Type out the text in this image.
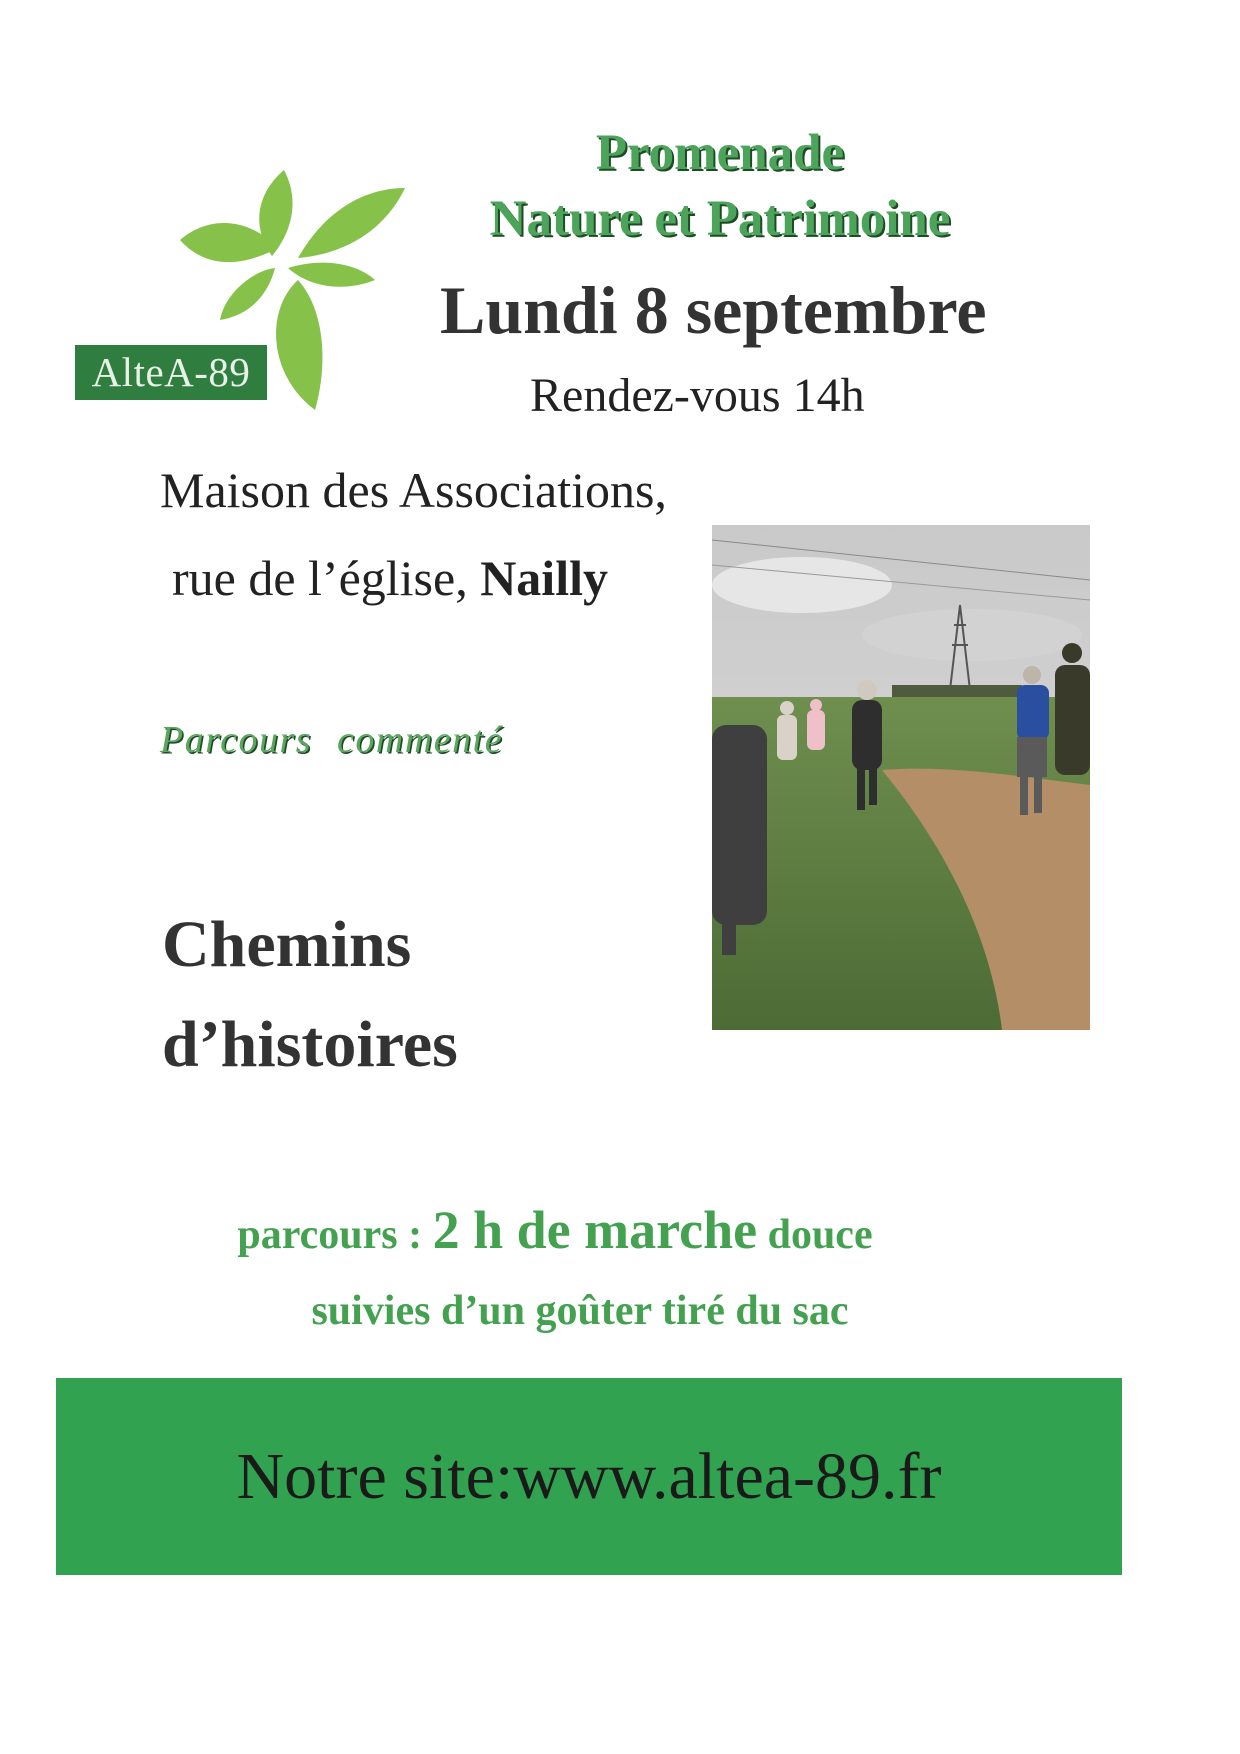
AlteA-89
Promenade
Nature et Patrimoine
Lundi 8 septembre
Rendez-vous 14h
Maison des Associations,
rue de l’église, Nailly
Parcours commenté
Chemins
d’histoires
parcours : 2 h de marche douce
suivies d’un goûter tiré du sac
Notre site:www.altea-89.fr
